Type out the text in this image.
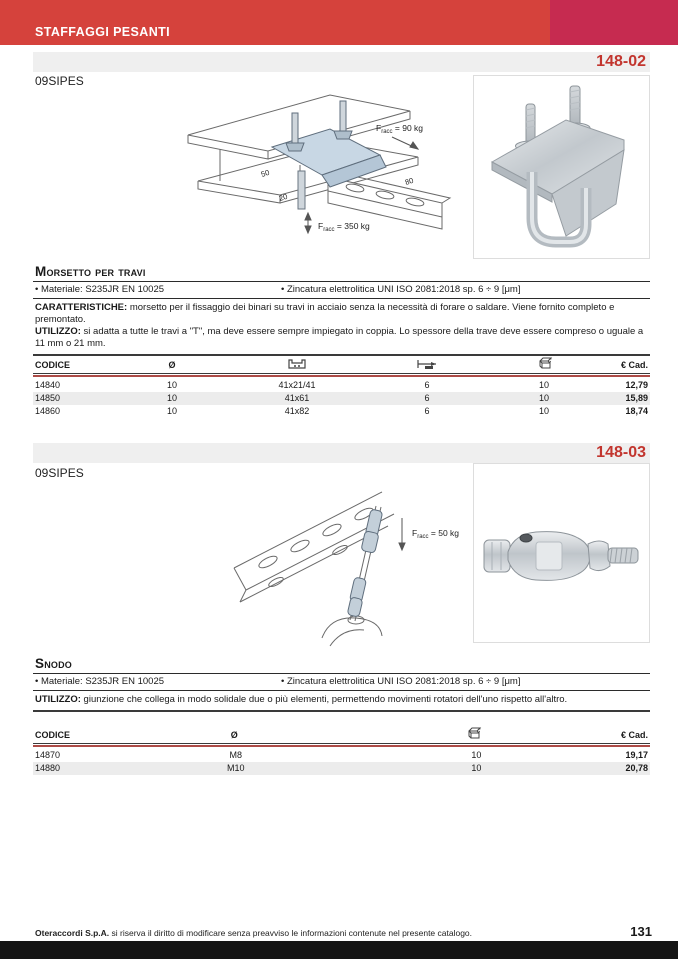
STAFFAGGI PESANTI
148-02
09SIPES
$F_{racc} = 90$ kg
$F_{racc} = 350$ kg
50
20
80
Morsetto per travi
• Materiale: S235JR EN 10025	• Zincatura elettrolitica UNI ISO 2081:2018 sp. 6 ÷ 9 [μm]
CARATTERISTICHE: morsetto per il fissaggio dei binari su travi in acciaio senza la necessità di forare o saldare. Viene fornito completo e premontato.
UTILIZZO: si adatta a tutte le travi a "T", ma deve essere sempre impiegato in coppia. Lo spessore della trave deve essere compreso o uguale a 11 mm o 21 mm.
CODICE	Ø	€ Cad.
14840	10	41x21/41	6	10	12,79
14850	10	41x61	6	10	15,89
14860	10	41x82	6	10	18,74
148-03
09SIPES
$F_{racc} = 50$ kg
Snodo
• Materiale: S235JR EN 10025	• Zincatura elettrolitica UNI ISO 2081:2018 sp. 6 ÷ 9 [μm]
UTILIZZO: giunzione che collega in modo solidale due o più elementi, permettendo movimenti rotatori dell'uno rispetto all'altro.
CODICE	Ø	€ Cad.
14870	M8	10	19,17
14880	M10	10	20,78
Oteraccordi S.p.A. si riserva il diritto di modificare senza preavviso le informazioni contenute nel presente catalogo.	131
